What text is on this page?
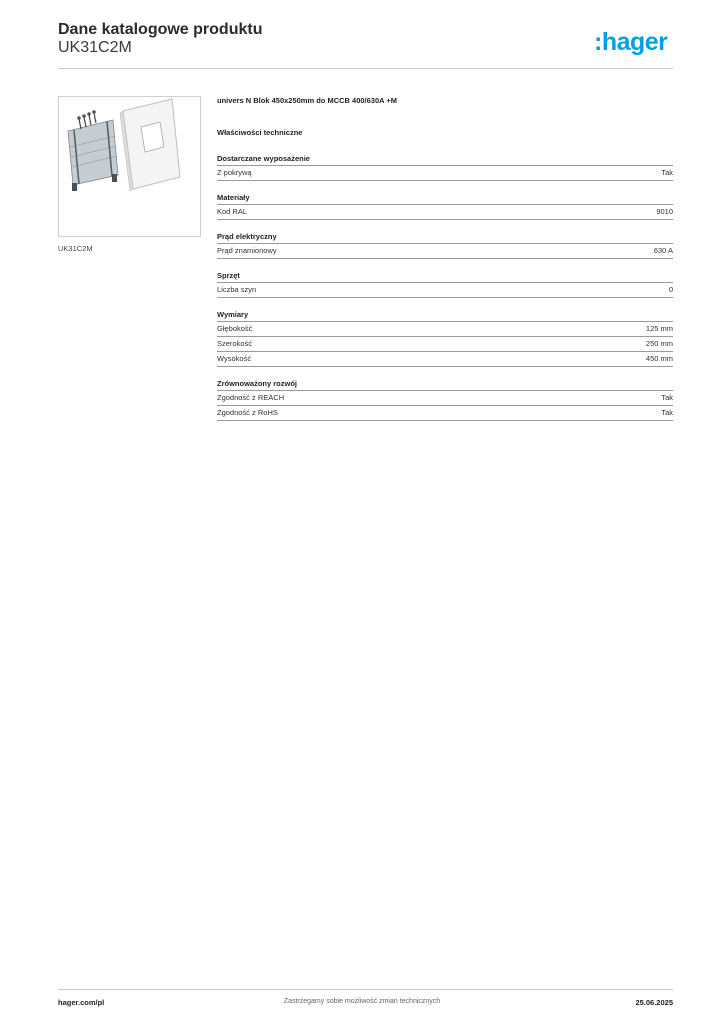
Dane katalogowe produktu
UK31C2M	:hager
UK31C2M
univers N Blok 450x250mm do MCCB 400/630A +M
Właściwości techniczne
Dostarczane wyposażenie
Z pokrywą	Tak
Materiały
Kod RAL	9010
Prąd elektryczny
Prąd znamionowy	630 A
Sprzęt
Liczba szyn	0
Wymiary
Głębokość	125 mm
Szerokość	250 mm
Wysokość	450 mm
Zrównoważony rozwój
Zgodność z REACH	Tak
Zgodność z RoHS	Tak
hager.com/pl	Zastrzegamy sobie możliwość zmian technicznych	25.06.2025
